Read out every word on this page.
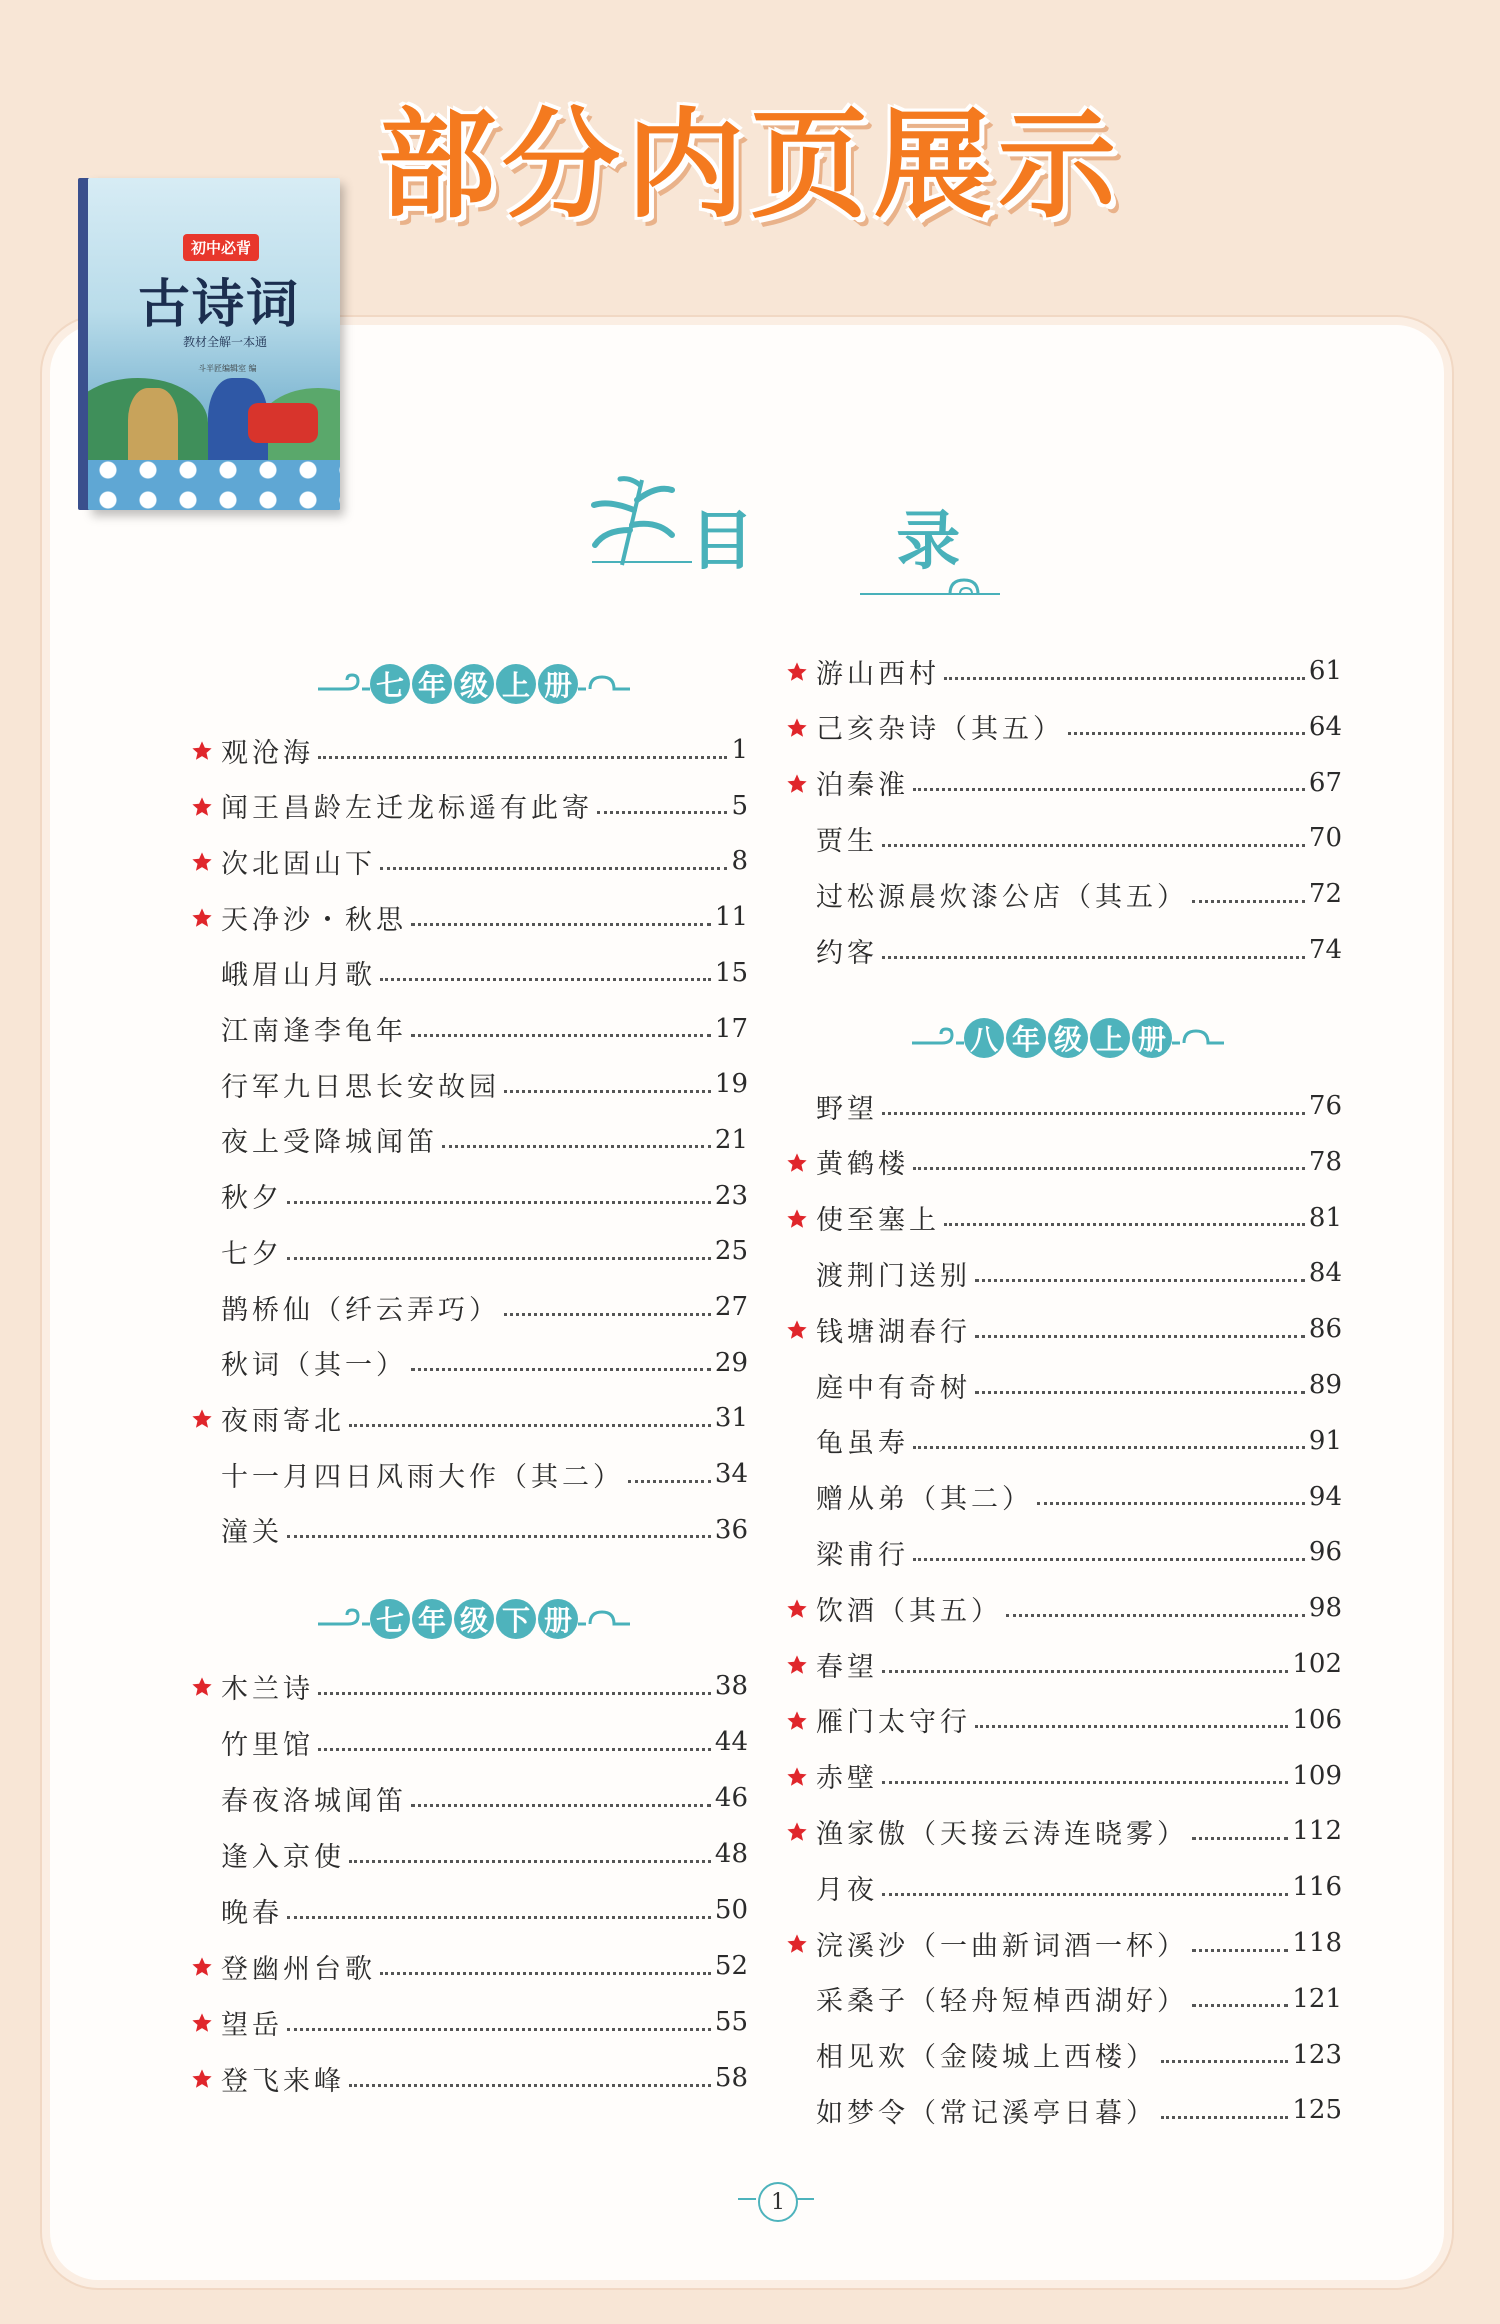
部分内页展示
初中必背
古诗词
教材全解一本通
斗半匠编辑室 编
目 录
七 年 级 上 册
七 年 级 下 册
八 年 级 上 册
观沧海	1
闻王昌龄左迁龙标遥有此寄	5
次北固山下	8
天净沙・秋思	11
峨眉山月歌	15
江南逢李龟年	17
行军九日思长安故园	19
夜上受降城闻笛	21
秋夕	23
七夕	25
鹊桥仙（纤云弄巧）	27
秋词（其一）	29
夜雨寄北	31
十一月四日风雨大作（其二）	34
潼关	36
木兰诗	38
竹里馆	44
春夜洛城闻笛	46
逢入京使	48
晚春	50
登幽州台歌	52
望岳	55
登飞来峰	58
游山西村	61
己亥杂诗（其五）	64
泊秦淮	67
贾生	70
过松源晨炊漆公店（其五）	72
约客	74
野望	76
黄鹤楼	78
使至塞上	81
渡荆门送别	84
钱塘湖春行	86
庭中有奇树	89
龟虽寿	91
赠从弟（其二）	94
梁甫行	96
饮酒（其五）	98
春望	102
雁门太守行	106
赤壁	109
渔家傲（天接云涛连晓雾）	112
月夜	116
浣溪沙（一曲新词酒一杯）	118
采桑子（轻舟短棹西湖好）	121
相见欢（金陵城上西楼）	123
如梦令（常记溪亭日暮）	125
1
